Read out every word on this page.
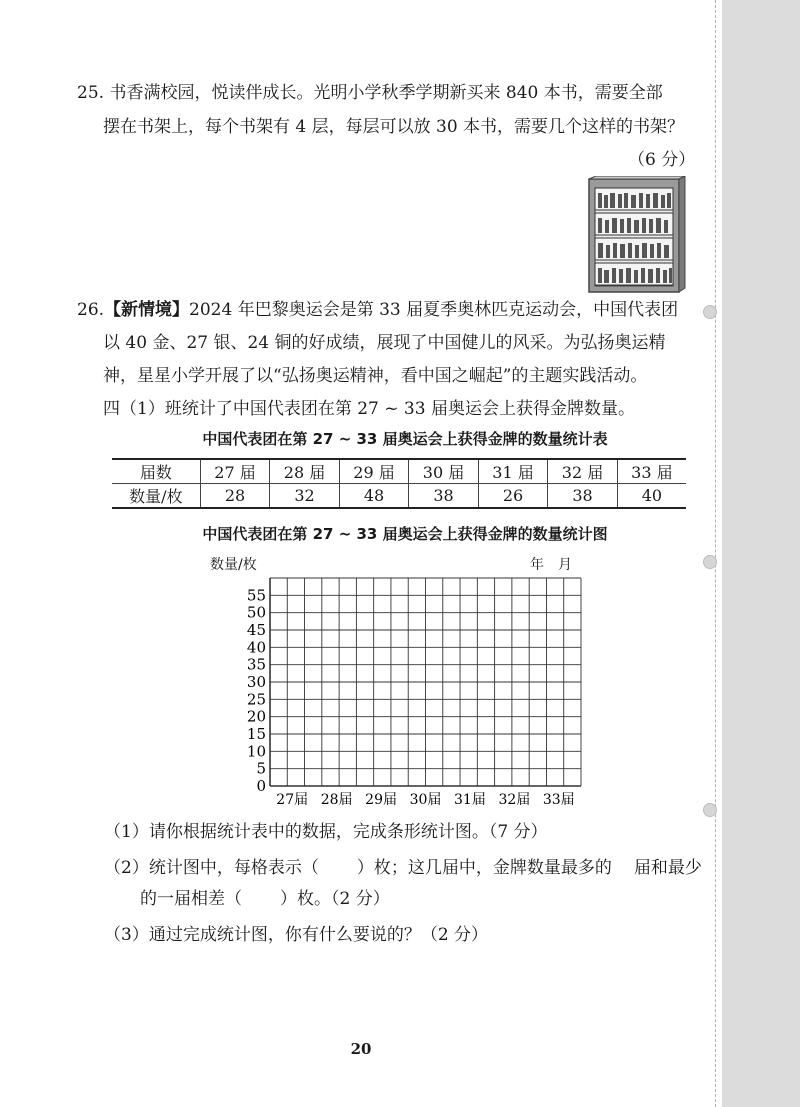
25. 书香满校园，悦读伴成长。光明小学秋季学期新买来 840 本书，需要全部

摆在书架上，每个书架有 4 层，每层可以放 30 本书，需要几个这样的书架？

（6 分）

26.【新情境】2024 年巴黎奥运会是第 33 届夏季奥林匹克运动会，中国代表团

以 40 金、27 银、24 铜的好成绩，展现了中国健儿的风采。为弘扬奥运精

神，星星小学开展了以“弘扬奥运精神，看中国之崛起”的主题实践活动。

四（1）班统计了中国代表团在第 27 ~ 33 届奥运会上获得金牌数量。

中国代表团在第 27 ~ 33 届奥运会上获得金牌的数量统计表
届数	27 届	28 届	29 届	30 届	31 届	32 届	33 届
数量/枚	28	32	48	38	26	38	40
中国代表团在第 27 ~ 33 届奥运会上获得金牌的数量统计图
数量/枚	年　月
0
5
10
15
20
25
30
35
40
45
50
55
27届 28届 29届 30届 31届 32届 33届

（1）请你根据统计表中的数据，完成条形统计图。（7 分）

（2）统计图中，每格表示（ ）枚；这几届中，金牌数量最多的 届和最少

的一届相差（ ）枚。（2 分）

（3）通过完成统计图，你有什么要说的？（2 分）

20
